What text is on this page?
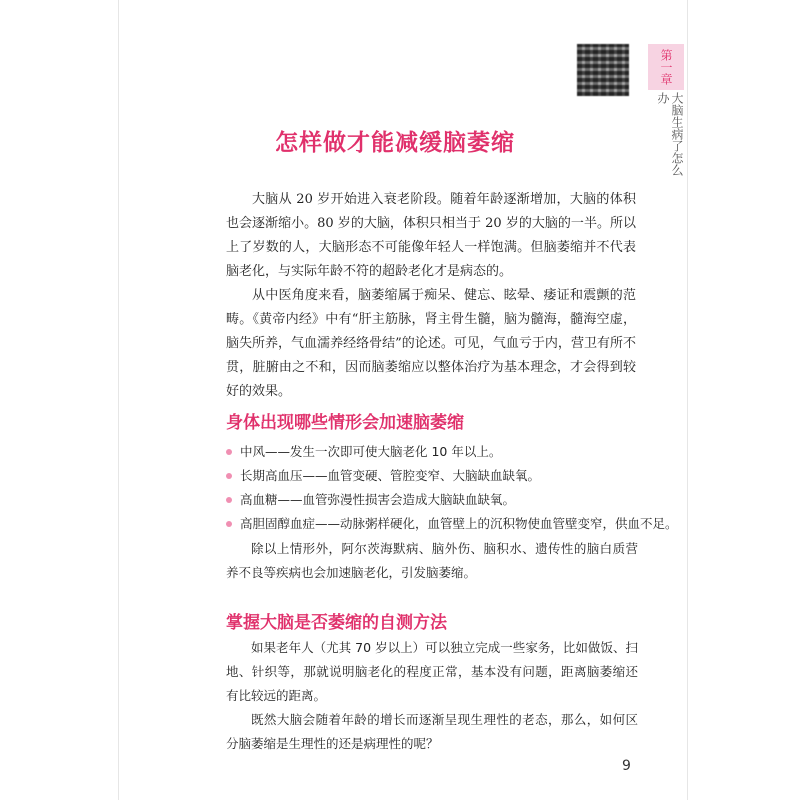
第一章
大脑生病了怎么办
怎样做才能减缓脑萎缩

大脑从 20 岁开始进入衰老阶段。随着年龄逐渐增加，大脑的体积也会逐渐缩小。80 岁的大脑，体积只相当于 20 岁的大脑的一半。所以上了岁数的人，大脑形态不可能像年轻人一样饱满。但脑萎缩并不代表脑老化，与实际年龄不符的超龄老化才是病态的。

从中医角度来看，脑萎缩属于痴呆、健忘、眩晕、痿证和震颤的范畴。《黄帝内经》中有“肝主筋脉，肾主骨生髓，脑为髓海，髓海空虚，脑失所养，气血濡养经络骨结”的论述。可见，气血亏于内，营卫有所不贯，脏腑由之不和，因而脑萎缩应以整体治疗为基本理念，才会得到较好的效果。

身体出现哪些情形会加速脑萎缩
中风——发生一次即可使大脑老化 10 年以上。
长期高血压——血管变硬、管腔变窄、大脑缺血缺氧。
高血糖——血管弥漫性损害会造成大脑缺血缺氧。
高胆固醇血症——动脉粥样硬化，血管壁上的沉积物使血管壁变窄，供血不足。

除以上情形外，阿尔茨海默病、脑外伤、脑积水、遗传性的脑白质营养不良等疾病也会加速脑老化，引发脑萎缩。

掌握大脑是否萎缩的自测方法

如果老年人（尤其 70 岁以上）可以独立完成一些家务，比如做饭、扫地、针织等，那就说明脑老化的程度正常，基本没有问题，距离脑萎缩还有比较远的距离。

既然大脑会随着年龄的增长而逐渐呈现生理性的老态，那么，如何区分脑萎缩是生理性的还是病理性的呢？

9
